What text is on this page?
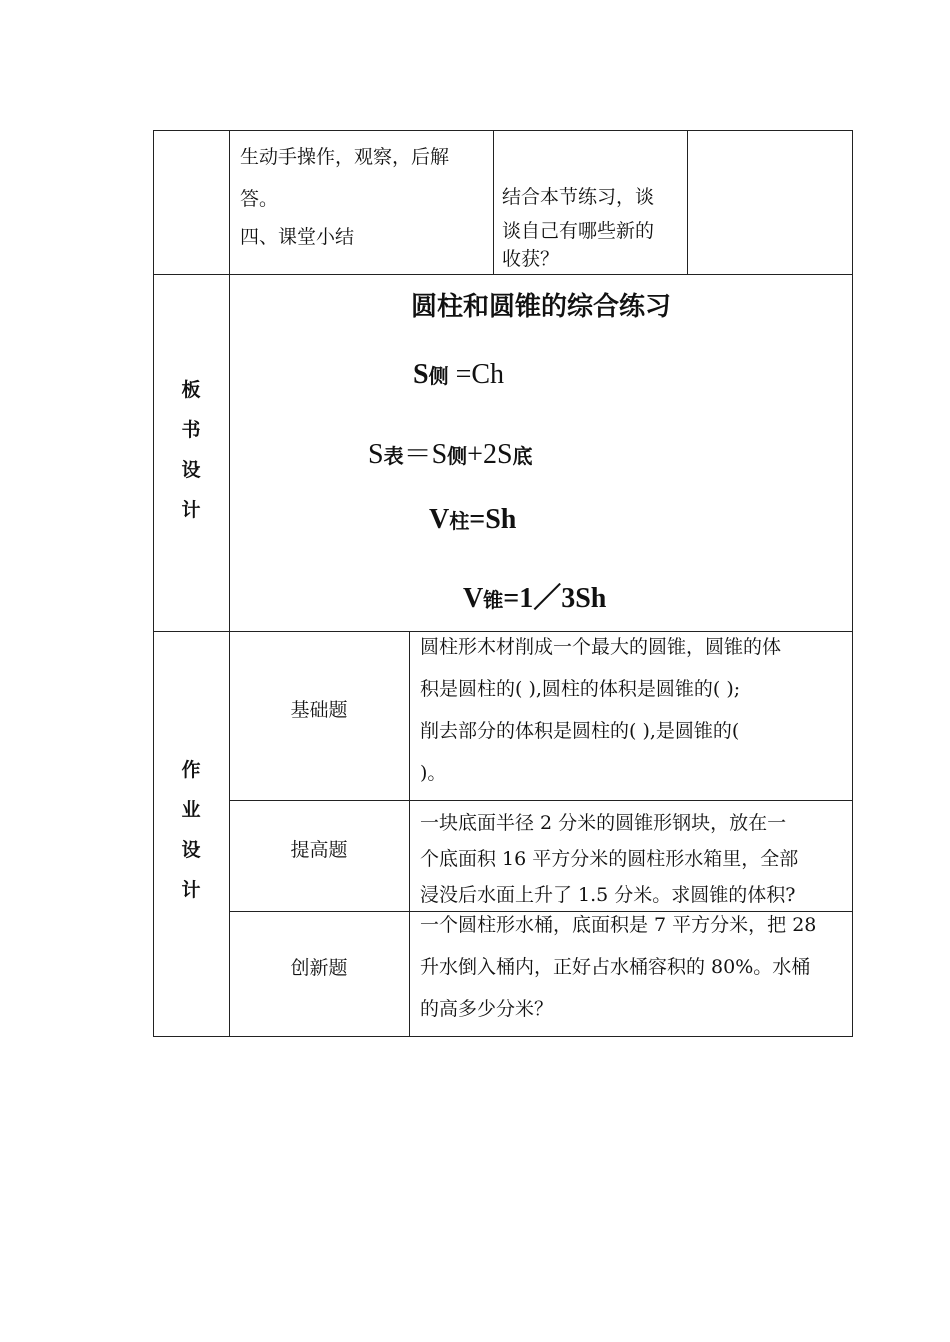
生动手操作，观察，后解
答。
四、课堂小结
结合本节练习，谈
谈自己有哪些新的
收获？
板
书
设
计
圆柱和圆锥的综合练习
S侧 =Ch
S表＝S侧+2S底
V柱=Sh
V锥=1／3Sh
作
业
设
计
基础题
圆柱形木材削成一个最大的圆锥，圆锥的体
积是圆柱的( ),圆柱的体积是圆锥的( );
削去部分的体积是圆柱的( ),是圆锥的(
)。
提高题
一块底面半径 2 分米的圆锥形钢块，放在一
个底面积 16 平方分米的圆柱形水箱里，全部
浸没后水面上升了 1.5 分米。求圆锥的体积?
创新题
一个圆柱形水桶，底面积是 7 平方分米，把 28
升水倒入桶内，正好占水桶容积的 80%。水桶
的高多少分米？
